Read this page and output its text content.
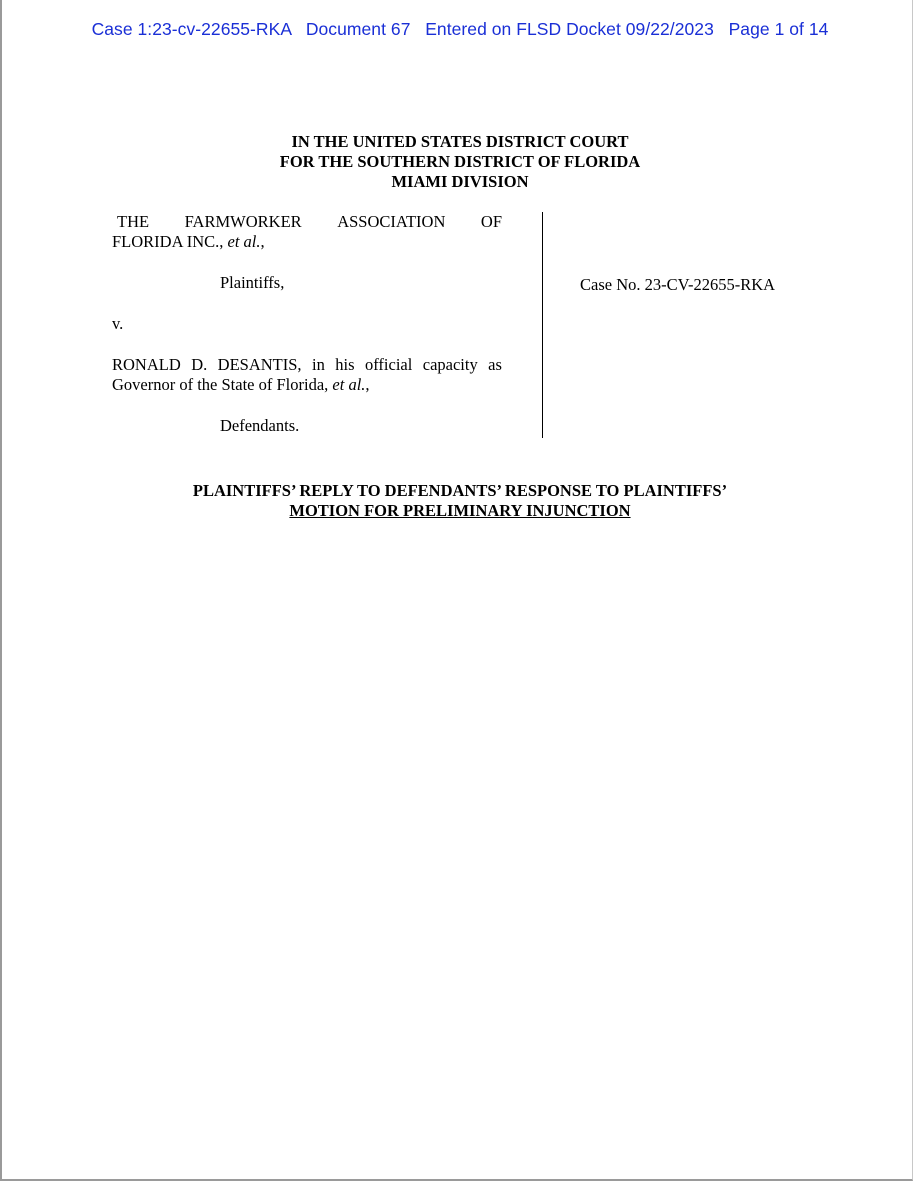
Case 1:23-cv-22655-RKA   Document 67   Entered on FLSD Docket 09/22/2023   Page 1 of 14
IN THE UNITED STATES DISTRICT COURT
FOR THE SOUTHERN DISTRICT OF FLORIDA
MIAMI DIVISION
THE FARMWORKER ASSOCIATION OF
FLORIDA INC., et al.,
Plaintiffs,
v.
RONALD D. DESANTIS, in his official capacity as
Governor of the State of Florida, et al.,
Defendants.
Case No. 23-CV-22655-RKA
PLAINTIFFS’ REPLY TO DEFENDANTS’ RESPONSE TO PLAINTIFFS’
MOTION FOR PRELIMINARY INJUNCTION
